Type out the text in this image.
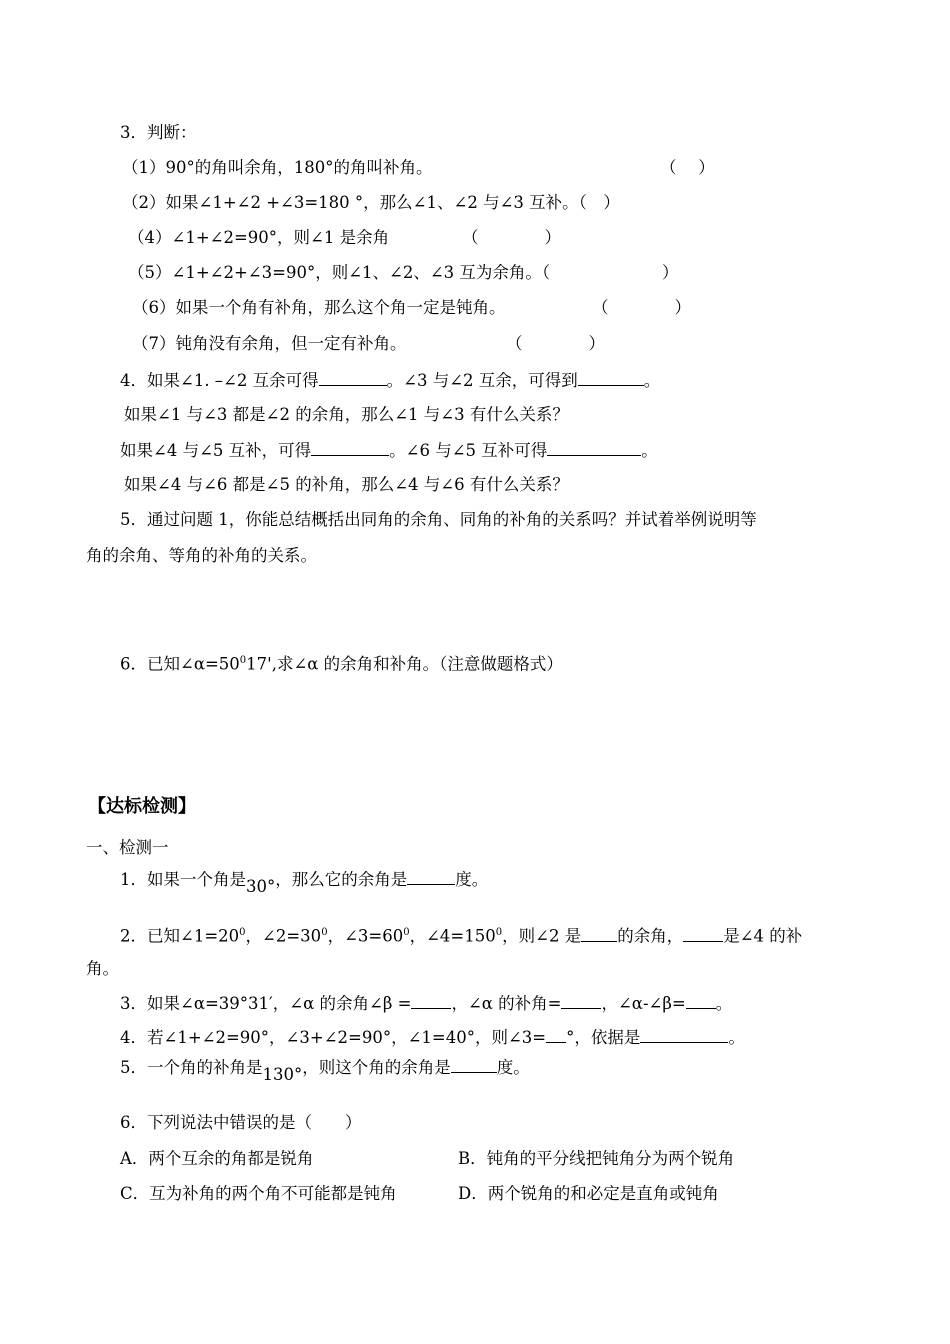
3．判断：
（1）90°的角叫余角，180°的角叫补角。	（　 ）
（2）如果∠1+∠2 +∠3=180 °，那么∠1、∠2 与∠3 互补。（　）
（4）∠1+∠2=90°，则∠1 是余角	（　　　　）
（5）∠1+∠2+∠3=90°，则∠1、∠2、∠3 互为余角。（	）
（6）如果一个角有补角，那么这个角一定是钝角。	（　　　　）
（7）钝角没有余角，但一定有补角。	（　　　　）
4．如果∠1. –∠2 互余可得	。∠3 与∠2 互余，可得到	。
如果∠1 与∠3 都是∠2 的余角，那么∠1 与∠3 有什么关系？
如果∠4 与∠5 互补，可得	。∠6 与∠5 互补可得	。
如果∠4 与∠6 都是∠5 的补角，那么∠4 与∠6 有什么关系？
5．通过问题 1，你能总结概括出同角的余角、同角的补角的关系吗？并试着举例说明等
角的余角、等角的补角的关系。
6．已知$\angle\alpha=50^017'$,求∠α 的余角和补角。（注意做题格式）
【达标检测】
一、检测一
1．如果一个角是30°，那么它的余角是	度。
2．已知$\angle 1=20^0$，$\angle 2=30^0$，$\angle 3=60^0$，$\angle 4=150^0$，则∠2 是 的余角， 是∠4 的补
角。
3．如果∠α=39°31′，∠α 的余角∠β = ，∠α 的补角= ，∠α-∠β= 。
4．若∠1+∠2=90°，∠3+∠2=90°，∠1=40°，则∠3= °，依据是	。
5．一个角的补角是130°，则这个角的余角是	度。
6．下列说法中错误的是（　　）
A．两个互余的角都是锐角	B．钝角的平分线把钝角分为两个锐角
C．互为补角的两个角不可能都是钝角	D．两个锐角的和必定是直角或钝角
